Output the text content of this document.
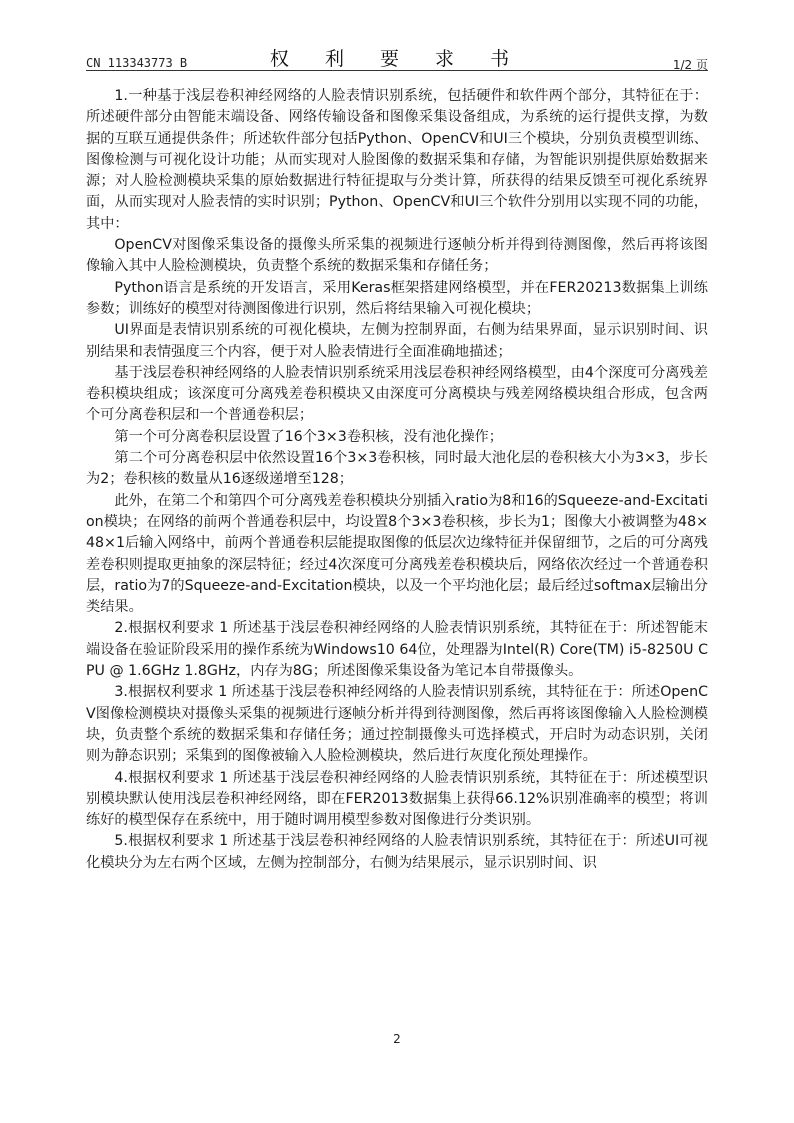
CN 113343773 B	权 利 要 求 书	1/2 页

1.一种基于浅层卷积神经网络的人脸表情识别系统，包括硬件和软件两个部分，其特征在于：所述硬件部分由智能末端设备、网络传输设备和图像采集设备组成，为系统的运行提供支撑，为数据的互联互通提供条件；所述软件部分包括Python、OpenCV和UI三个模块，分别负责模型训练、图像检测与可视化设计功能；从而实现对人脸图像的数据采集和存储，为智能识别提供原始数据来源；对人脸检测模块采集的原始数据进行特征提取与分类计算，所获得的结果反馈至可视化系统界面，从而实现对人脸表情的实时识别；Python、OpenCV和UI三个软件分别用以实现不同的功能，其中：

OpenCV对图像采集设备的摄像头所采集的视频进行逐帧分析并得到待测图像，然后再将该图像输入其中人脸检测模块，负责整个系统的数据采集和存储任务；

Python语言是系统的开发语言，采用Keras框架搭建网络模型，并在FER20213数据集上训练参数；训练好的模型对待测图像进行识别，然后将结果输入可视化模块；

UI界面是表情识别系统的可视化模块，左侧为控制界面，右侧为结果界面，显示识别时间、识别结果和表情强度三个内容，便于对人脸表情进行全面准确地描述；

基于浅层卷积神经网络的人脸表情识别系统采用浅层卷积神经网络模型，由4个深度可分离残差卷积模块组成；该深度可分离残差卷积模块又由深度可分离模块与残差网络模块组合形成，包含两个可分离卷积层和一个普通卷积层；

第一个可分离卷积层设置了16个3×3卷积核，没有池化操作；

第二个可分离卷积层中依然设置16个3×3卷积核，同时最大池化层的卷积核大小为3×3，步长为2；卷积核的数量从16逐级递增至128；

此外，在第二个和第四个可分离残差卷积模块分别插入ratio为8和16的Squeeze-and-Excitation模块；在网络的前两个普通卷积层中，均设置8个3×3卷积核，步长为1；图像大小被调整为48×48×1后输入网络中，前两个普通卷积层能提取图像的低层次边缘特征并保留细节，之后的可分离残差卷积则提取更抽象的深层特征；经过4次深度可分离残差卷积模块后，网络依次经过一个普通卷积层，ratio为7的Squeeze-and-Excitation模块，以及一个平均池化层；最后经过softmax层输出分类结果。

2.根据权利要求 1 所述基于浅层卷积神经网络的人脸表情识别系统，其特征在于：所述智能末端设备在验证阶段采用的操作系统为Windows10 64位，处理器为Intel(R) Core(TM) i5-8250U CPU @ 1.6GHz 1.8GHz，内存为8G；所述图像采集设备为笔记本自带摄像头。

3.根据权利要求 1 所述基于浅层卷积神经网络的人脸表情识别系统，其特征在于：所述OpenCV图像检测模块对摄像头采集的视频进行逐帧分析并得到待测图像，然后再将该图像输入人脸检测模块，负责整个系统的数据采集和存储任务；通过控制摄像头可选择模式，开启时为动态识别，关闭则为静态识别；采集到的图像被输入人脸检测模块，然后进行灰度化预处理操作。

4.根据权利要求 1 所述基于浅层卷积神经网络的人脸表情识别系统，其特征在于：所述模型识别模块默认使用浅层卷积神经网络，即在FER2013数据集上获得66.12%识别准确率的模型；将训练好的模型保存在系统中，用于随时调用模型参数对图像进行分类识别。

5.根据权利要求 1 所述基于浅层卷积神经网络的人脸表情识别系统，其特征在于：所述UI可视化模块分为左右两个区域，左侧为控制部分，右侧为结果展示，显示识别时间、识

2
